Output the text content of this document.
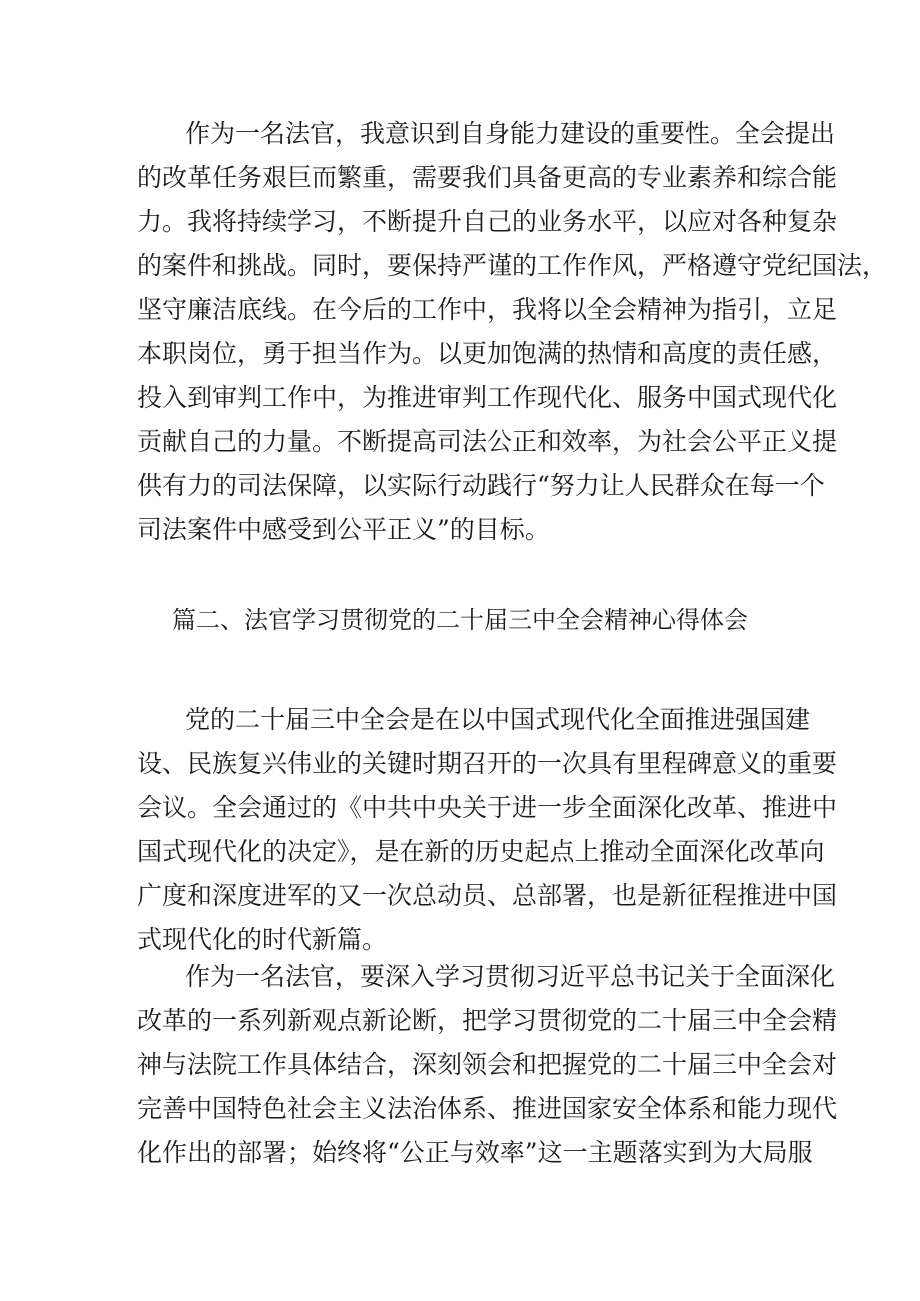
作为一名法官，我意识到自身能力建设的重要性。全会提出
的改革任务艰巨而繁重，需要我们具备更高的专业素养和综合能
力。我将持续学习，不断提升自己的业务水平，以应对各种复杂
的案件和挑战。同时，要保持严谨的工作作风，严格遵守党纪国法，
坚守廉洁底线。在今后的工作中，我将以全会精神为指引，立足
本职岗位，勇于担当作为。以更加饱满的热情和高度的责任感，
投入到审判工作中，为推进审判工作现代化、服务中国式现代化
贡献自己的力量。不断提高司法公正和效率，为社会公平正义提
供有力的司法保障，以实际行动践行“努力让人民群众在每一个
司法案件中感受到公平正义”的目标。
篇二、法官学习贯彻党的二十届三中全会精神心得体会
党的二十届三中全会是在以中国式现代化全面推进强国建
设、民族复兴伟业的关键时期召开的一次具有里程碑意义的重要
会议。全会通过的《中共中央关于进一步全面深化改革、推进中
国式现代化的决定》，是在新的历史起点上推动全面深化改革向
广度和深度进军的又一次总动员、总部署，也是新征程推进中国
式现代化的时代新篇。
作为一名法官，要深入学习贯彻习近平总书记关于全面深化
改革的一系列新观点新论断，把学习贯彻党的二十届三中全会精
神与法院工作具体结合，深刻领会和把握党的二十届三中全会对
完善中国特色社会主义法治体系、推进国家安全体系和能力现代
化作出的部署；始终将“公正与效率”这一主题落实到为大局服
